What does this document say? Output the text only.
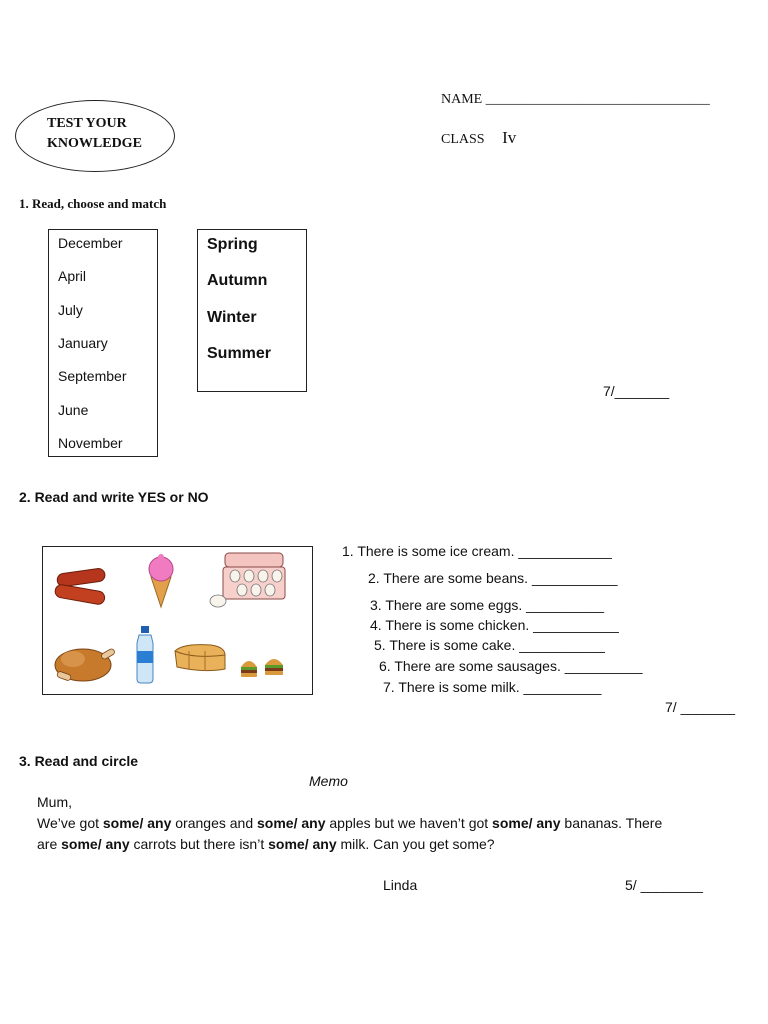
TEST YOUR
KNOWLEDGE
NAME ________________________________
CLASS Iv
1. Read, choose and match
December
April
July
January
September
June
November
Spring
Autumn
Winter
Summer
7/_______
2. Read and write YES or NO
1. There is some ice cream. ____________
2. There are some beans. ___________
3. There are some eggs. __________
4. There is some chicken. ___________
5. There is some cake. ___________
6. There are some sausages. __________
7. There is some milk. __________
7/ _______
3. Read and circle
Memo
Mum,
We’ve got some/ any oranges and some/ any apples but we haven’t got some/ any bananas. There
are some/ any carrots but there isn’t some/ any milk. Can you get some?
Linda	5/ ________
